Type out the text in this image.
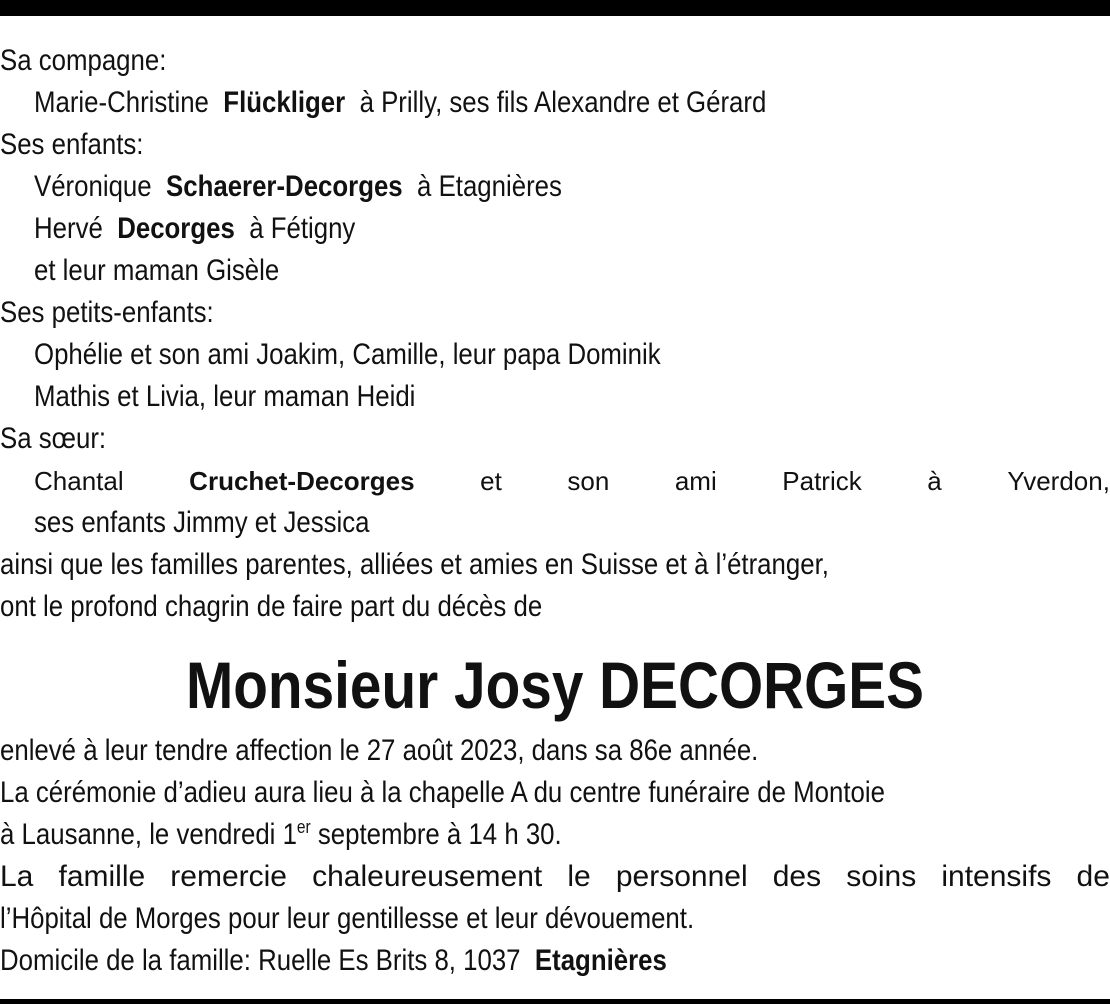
Sa compagne:
Marie-Christine Flückliger à Prilly, ses fils Alexandre et Gérard
Ses enfants:
Véronique Schaerer-Decorges à Etagnières
Hervé Decorges à Fétigny
et leur maman Gisèle
Ses petits-enfants:
Ophélie et son ami Joakim, Camille, leur papa Dominik
Mathis et Livia, leur maman Heidi
Sa sœur:
Chantal	Cruchet-Decorges	et	son	ami	Patrick	à	Yverdon,
ses enfants Jimmy et Jessica
ainsi que les familles parentes, alliées et amies en Suisse et à l’étranger,
ont le profond chagrin de faire part du décès de
Monsieur Josy DECORGES
enlevé à leur tendre affection le 27 août 2023, dans sa 86e année.
La cérémonie d’adieu aura lieu à la chapelle A du centre funéraire de Montoie
à Lausanne, le vendredi 1er septembre à 14 h 30.
La famille remercie chaleureusement le personnel des soins intensifs de
l’Hôpital de Morges pour leur gentillesse et leur dévouement.
Domicile de la famille: Ruelle Es Brits 8, 1037 Etagnières
